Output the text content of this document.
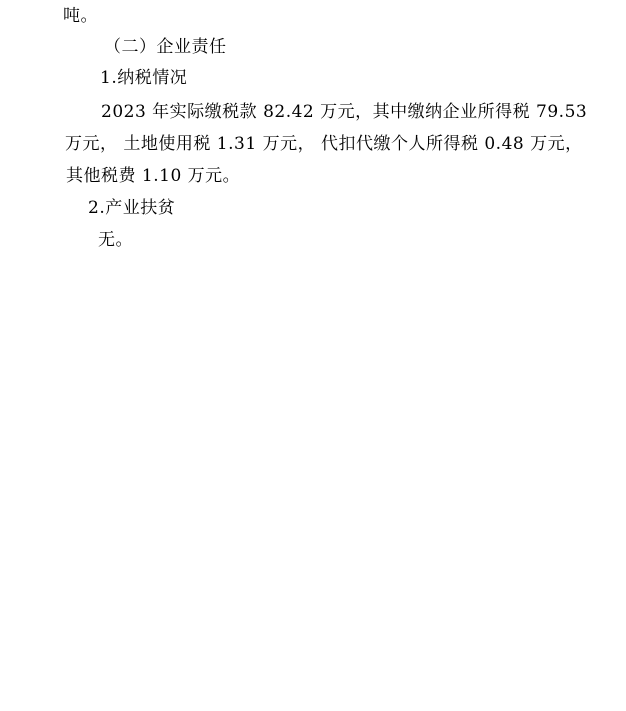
吨。
（二）企业责任
1.纳税情况
2023 年实际缴税款 82.42 万元，其中缴纳企业所得税 79.53
万元， 土地使用税 1.31 万元， 代扣代缴个人所得税 0.48 万元，
其他税费 1.10 万元。
2.产业扶贫
无。
